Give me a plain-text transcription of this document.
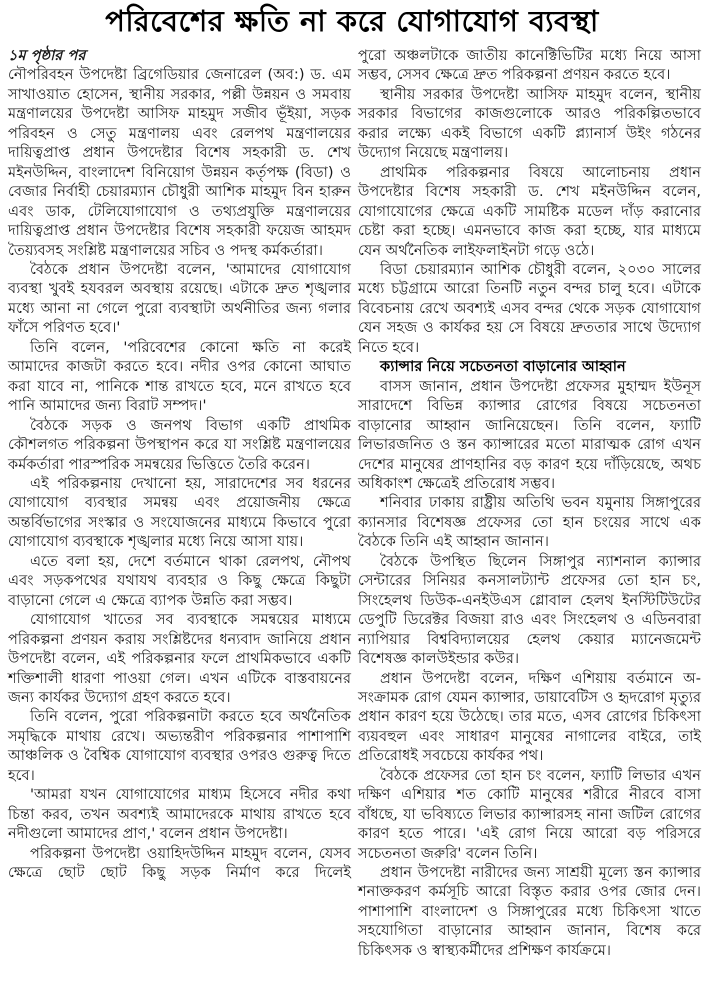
পরিবেশের ক্ষতি না করে যোগাযোগ ব্যবস্থা
১ম পৃষ্ঠার পর

নৌপরিবহন উপদেষ্টা ব্রিগেডিয়ার জেনারেল (অব:) ড. এম সাখাওয়াত হোসেন, স্থানীয় সরকার, পল্লী উন্নয়ন ও সমবায় মন্ত্রণালয়ের উপদেষ্টা আসিফ মাহমুদ সজীব ভূঁইয়া, সড়ক পরিবহন ও সেতু মন্ত্রণালয় এবং রেলপথ মন্ত্রণালয়ের দায়িত্বপ্রাপ্ত প্রধান উপদেষ্টার বিশেষ সহকারী ড. শেখ মইনউদ্দিন, বাংলাদেশ বিনিয়োগ উন্নয়ন কর্তৃপক্ষ (বিডা) ও বেজার নির্বাহী চেয়ারম্যান চৌধুরী আশিক মাহমুদ বিন হারুন এবং ডাক, টেলিযোগাযোগ ও তথ্যপ্রযুক্তি মন্ত্রণালয়ের দায়িত্বপ্রাপ্ত প্রধান উপদেষ্টার বিশেষ সহকারী ফয়েজ আহমদ তৈয়্যবসহ সংশ্লিষ্ট মন্ত্রণালয়ের সচিব ও পদস্থ কর্মকর্তারা।

বৈঠকে প্রধান উপদেষ্টা বলেন, 'আমাদের যোগাযোগ ব্যবস্থা খুবই হযবরল অবস্থায় রয়েছে। এটাকে দ্রুত শৃঙ্খলার মধ্যে আনা না গেলে পুরো ব্যবস্থাটা অর্থনীতির জন্য গলার ফাঁসে পরিণত হবে।'

তিনি বলেন, 'পরিবেশের কোনো ক্ষতি না করেই আমাদের কাজটা করতে হবে। নদীর ওপর কোনো আঘাত করা যাবে না, পানিকে শান্ত রাখতে হবে, মনে রাখতে হবে পানি আমাদের জন্য বিরাট সম্পদ।'

বৈঠকে সড়ক ও জনপথ বিভাগ একটি প্রাথমিক কৌশলগত পরিকল্পনা উপস্থাপন করে যা সংশ্লিষ্ট মন্ত্রণালয়ের কর্মকর্তারা পারস্পরিক সমন্বয়ের ভিত্তিতে তৈরি করেন।

এই পরিকল্পনায় দেখানো হয়, সারাদেশের সব ধরনের যোগাযোগ ব্যবস্থার সমন্বয় এবং প্রয়োজনীয় ক্ষেত্রে অন্তর্বিভাগের সংস্কার ও সংযোজনের মাধ্যমে কিভাবে পুরো যোগাযোগ ব্যবস্থাকে শৃঙ্খলার মধ্যে নিয়ে আসা যায়।

এতে বলা হয়, দেশে বর্তমানে থাকা রেলপথ, নৌপথ এবং সড়কপথের যথাযথ ব্যবহার ও কিছু ক্ষেত্রে কিছুটা বাড়ানো গেলে এ ক্ষেত্রে ব্যাপক উন্নতি করা সম্ভব।

যোগাযোগ খাতের সব ব্যবস্থাকে সমন্বয়ের মাধ্যমে পরিকল্পনা প্রণয়ন করায় সংশ্লিষ্টদের ধন্যবাদ জানিয়ে প্রধান উপদেষ্টা বলেন, এই পরিকল্পনার ফলে প্রাথমিকভাবে একটি শক্তিশালী ধারণা পাওয়া গেল। এখন এটিকে বাস্তবায়নের জন্য কার্যকর উদ্যোগ গ্রহণ করতে হবে।

তিনি বলেন, পুরো পরিকল্পনাটা করতে হবে অর্থনৈতিক সমৃদ্ধিকে মাথায় রেখে। অভ্যন্তরীণ পরিকল্পনার পাশাপাশি আঞ্চলিক ও বৈশ্বিক যোগাযোগ ব্যবস্থার ওপরও গুরুত্ব দিতে হবে।

'আমরা যখন যোগাযোগের মাধ্যম হিসেবে নদীর কথা চিন্তা করব, তখন অবশ্যই আমাদেরকে মাথায় রাখতে হবে নদীগুলো আমাদের প্রাণ,' বলেন প্রধান উপদেষ্টা।

পরিকল্পনা উপদেষ্টা ওয়াহিদউদ্দিন মাহমুদ বলেন, যেসব ক্ষেত্রে ছোট ছোট কিছু সড়ক নির্মাণ করে দিলেই

পুরো অঞ্চলটাকে জাতীয় কানেক্টিভিটির মধ্যে নিয়ে আসা সম্ভব, সেসব ক্ষেত্রে দ্রুত পরিকল্পনা প্রণয়ন করতে হবে।

স্থানীয় সরকার উপদেষ্টা আসিফ মাহমুদ বলেন, স্থানীয় সরকার বিভাগের কাজগুলোকে আরও পরিকল্পিতভাবে করার লক্ষ্যে একই বিভাগে একটি প্ল্যানার্স উইং গঠনের উদ্যোগ নিয়েছে মন্ত্রণালয়।

প্রাথমিক পরিকল্পনার বিষয়ে আলোচনায় প্রধান উপদেষ্টার বিশেষ সহকারী ড. শেখ মইনউদ্দিন বলেন, যোগাযোগের ক্ষেত্রে একটি সামষ্টিক মডেল দাঁড় করানোর চেষ্টা করা হচ্ছে। এমনভাবে কাজ করা হচ্ছে, যার মাধ্যমে যেন অর্থনৈতিক লাইফলাইনটা গড়ে ওঠে।

বিডা চেয়ারম্যান আশিক চৌধুরী বলেন, ২০৩০ সালের মধ্যে চট্টগ্রামে আরো তিনটি নতুন বন্দর চালু হবে। এটাকে বিবেচনায় রেখে অবশ্যই এসব বন্দর থেকে সড়ক যোগাযোগ যেন সহজ ও কার্যকর হয় সে বিষয়ে দ্রুততার সাথে উদ্যোগ নিতে হবে।

ক্যান্সার নিয়ে সচেতনতা বাড়ানোর আহ্বান

বাসস জানান, প্রধান উপদেষ্টা প্রফেসর মুহাম্মদ ইউনূস সারাদেশে বিভিন্ন ক্যান্সার রোগের বিষয়ে সচেতনতা বাড়ানোর আহ্বান জানিয়েছেন। তিনি বলেন, ফ্যাটি লিভারজনিত ও স্তন ক্যান্সারের মতো মারাত্মক রোগ এখন দেশের মানুষের প্রাণহানির বড় কারণ হয়ে দাঁড়িয়েছে, অথচ অধিকাংশ ক্ষেত্রেই প্রতিরোধ সম্ভব।

শনিবার ঢাকায় রাষ্ট্রীয় অতিথি ভবন যমুনায় সিঙ্গাপুরের ক্যানসার বিশেষজ্ঞ প্রফেসর তো হান চংয়ের সাথে এক বৈঠকে তিনি এই আহ্বান জানান।

বৈঠকে উপস্থিত ছিলেন সিঙ্গাপুর ন্যাশনাল ক্যান্সার সেন্টারের সিনিয়র কনসালট্যান্ট প্রফেসর তো হান চং, সিংহেলথ ডিউক-এনইউএস গ্লোবাল হেলথ ইনস্টিটিউটের ডেপুটি ডিরেক্টর বিজয়া রাও এবং সিংহেলথ ও এডিনবারা ন্যাপিয়ার বিশ্ববিদ্যালয়ের হেলথ কেয়ার ম্যানেজমেন্ট বিশেষজ্ঞ কালউইন্ডার কউর।

প্রধান উপদেষ্টা বলেন, দক্ষিণ এশিয়ায় বর্তমানে অ-সংক্রামক রোগ যেমন ক্যান্সার, ডায়াবেটিস ও হৃদরোগ মৃত্যুর প্রধান কারণ হয়ে উঠেছে। তার মতে, এসব রোগের চিকিৎসা ব্যয়বহুল এবং সাধারণ মানুষের নাগালের বাইরে, তাই প্রতিরোধই সবচেয়ে কার্যকর পথ।

বৈঠকে প্রফেসর তো হান চং বলেন, ফ্যাটি লিভার এখন দক্ষিণ এশিয়ার শত কোটি মানুষের শরীরে নীরবে বাসা বাঁধছে, যা ভবিষ্যতে লিভার ক্যান্সারসহ নানা জটিল রোগের কারণ হতে পারে। 'এই রোগ নিয়ে আরো বড় পরিসরে সচেতনতা জরুরি' বলেন তিনি।

প্রধান উপদেষ্টা নারীদের জন্য সাশ্রয়ী মূল্যে স্তন ক্যান্সার শনাক্তকরণ কর্মসূচি আরো বিস্তৃত করার ওপর জোর দেন। পাশাপাশি বাংলাদেশ ও সিঙ্গাপুরের মধ্যে চিকিৎসা খাতে সহযোগিতা বাড়ানোর আহ্বান জানান, বিশেষ করে চিকিৎসক ও স্বাস্থ্যকর্মীদের প্রশিক্ষণ কার্যক্রমে।
